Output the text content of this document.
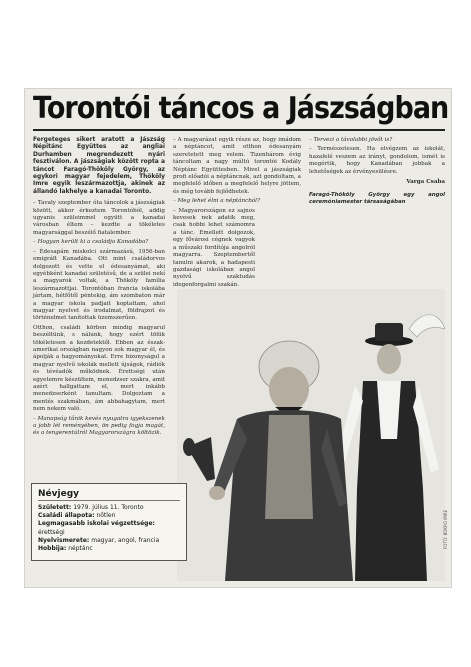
Torontói táncos a Jászságban

Fergeteges sikert aratott a Jászság Népitánc Együttes az angliai Durhamben megrendezett nyári fesztiválon. A jászságiak között ropta a táncot Faragó-Thököly György, az egykori magyar fejedelem, Thököly Imre egyik leszármazottja, akinek az állandó lakhelye a kanadai Toronto.

– Tavaly szeptember óta táncolok a jászságiak között, akkor érkeztem Torontóból, addig ugyanis szüleimmel együtt a kanadai városban éltem – kezdte a tökéletes magyarsággal beszélő fiatalember.

– Hogyan került ki a családja Kanadába?

– Édesapám miskolci származású, 1956-ban emigrált Kanadába. Ott mint családorvos dolgozott és vette el édesanyámat, aki egyébként kanadai születésű, de a szülei nekí a magyarok voltak, a Thököly família leszármazottjai. Torontóban francia iskolába jártam, hétfőtől péntekig, ám szombaton már a magyar iskola padjait koptattam, ahol magyar nyelvet és irodalmat, földrajzot és történelmet tanítottak üzemszerűen.

Otthon, családi körben mindig magyarul beszéltünk, s nálunk, hogy ezért tölük tökéletesen a kezdetektől. Ebben az észak-amerikai országban nagyon sok magyar él, és ápolják a hagyományokat. Erre bizonyságul a magyar nyelvű iskolák mellett újságok, rádiók és tévéadók működnek. Érettségi után egyetemre készültem, menedzser szakra, amit azért hallgattam el, mert inkább menedzserként tanultam. Dolgoztam a mentés szakmában, ám abbahagytam, mert nem nekem való.

– Manapság tűnik kevés nyugatra igyekszenek a jobb lét reményében, ön pedig fogja magát, és a tengerentúlról Magyarországra költözik.

– A magyarázat egyik része az, hogy imádom a néptáncot, amit otthon édesanyám szeretetett meg velem. Tizenhárom évig táncoltam a nagy múltú torontói Kodály Néptánc Együttesben. Mivel a jászságiak profi előadói a néptáncnak, azt gondoltam, a megfelelő időben a megfelelő helyre jöttem, és még tovább fejlődhetek.

– Meg lehet élni a néptáncból?

– Magyarországon ez sajnos kevesek nek adatik meg, csak hobbi lehet számomra a tánc. Emellett dolgozok, egy fővárosi cégnek vagyok a műszaki fordítója angolról magyarra. Szeptembertől tanulni akarok, a hadapesti gazdasági iskolában angol nyelvű szaktudás idegenforgalmi szakán.

– Tervezi a távolabbi jövőt is?

– Természetesen. Ha elvégzem az iskolát, hazafelé veszem az irányt, gondolom, ismét is megértik, hogy Kanadában jobbak a lehetőségek az érvényesülésre.

Varga Csaba

Faragó-Thököly György egy angol ceremóniamester társaságában

FOTÓ: BOKRO IMRE
Névjegy
Született: 1979. július 11. Toronto
Családi állapota: nőtlen
Legmagasabb iskolai végzettsége: érettségi
Nyelvismerete: magyar, angol, francia
Hobbija: néptánc
